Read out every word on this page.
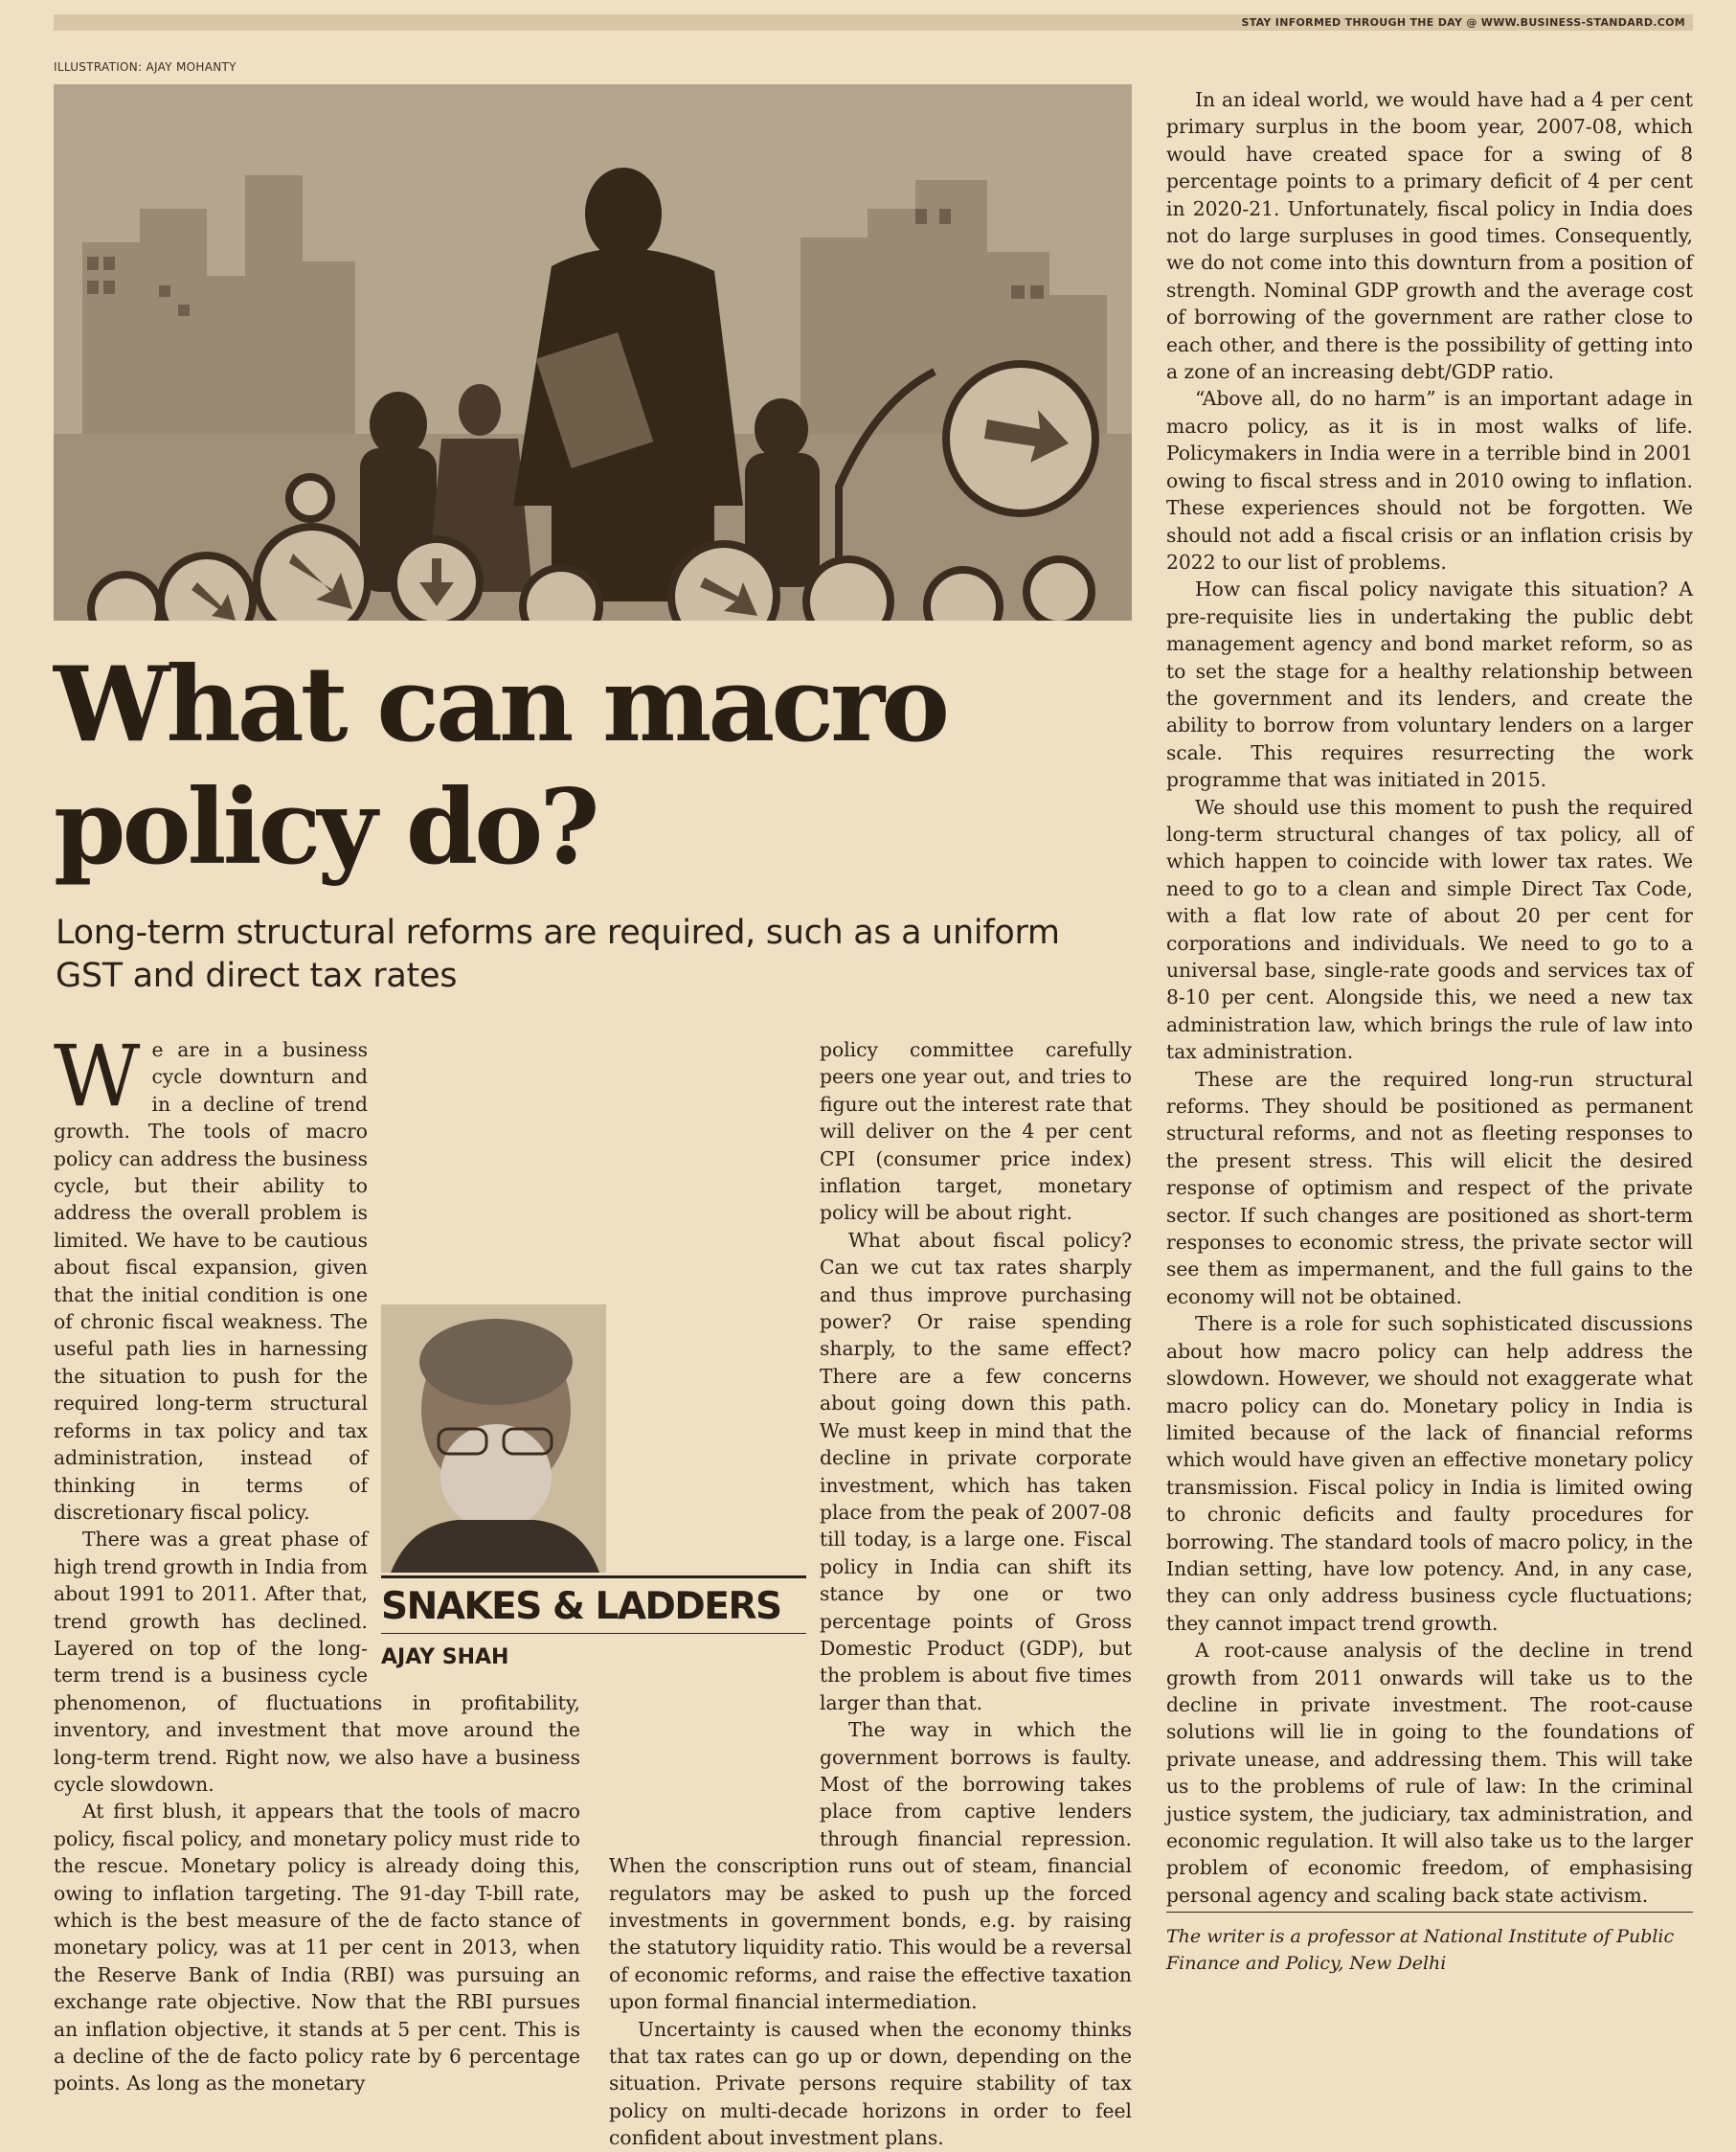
STAY INFORMED THROUGH THE DAY @ WWW.BUSINESS-STANDARD.COM
ILLUSTRATION: AJAY MOHANTY
What can macro policy do?

Long-term structural reforms are required, such as a uniform GST and direct tax rates

We are in a business cycle downturn and in a decline of trend growth. The tools of macro policy can address the business cycle, but their ability to address the overall problem is limited. We have to be cautious about fiscal expansion, given that the initial condition is one of chronic fiscal weakness. The useful path lies in harnessing the situation to push for the required long-term structural reforms in tax policy and tax administration, instead of thinking in terms of discretionary fiscal policy.

There was a great phase of high trend growth in India from about 1991 to 2011. After that, trend growth has declined. Layered on top of the long-term trend is a business cycle phenomenon, of fluctuations in profitability, inventory, and investment that move around the long-term trend. Right now, we also have a business cycle slowdown.

At first blush, it appears that the tools of macro policy, fiscal policy, and monetary policy must ride to the rescue. Monetary policy is already doing this, owing to inflation targeting. The 91-day T-bill rate, which is the best measure of the de facto stance of monetary policy, was at 11 per cent in 2013, when the Reserve Bank of India (RBI) was pursuing an exchange rate objective. Now that the RBI pursues an inflation objective, it stands at 5 per cent. This is a decline of the de facto policy rate by 6 percentage points. As long as the monetary

policy committee carefully peers one year out, and tries to figure out the interest rate that will deliver on the 4 per cent CPI (consumer price index) inflation target, monetary policy will be about right.

What about fiscal policy? Can we cut tax rates sharply and thus improve purchasing power? Or raise spending sharply, to the same effect? There are a few concerns about going down this path. We must keep in mind that the decline in private corporate investment, which has taken place from the peak of 2007-08 till today, is a large one. Fiscal policy in India can shift its stance by one or two percentage points of Gross Domestic Product (GDP), but the problem is about five times larger than that.

The way in which the government borrows is faulty. Most of the borrowing takes place from captive lenders through financial repression. When the conscription runs out of steam, financial regulators may be asked to push up the forced investments in government bonds, e.g. by raising the statutory liquidity ratio. This would be a reversal of economic reforms, and raise the effective taxation upon formal financial intermediation.

Uncertainty is caused when the economy thinks that tax rates can go up or down, depending on the situation. Private persons require stability of tax policy on multi-decade horizons in order to feel confident about investment plans.

SNAKES & LADDERS
AJAY SHAH

In an ideal world, we would have had a 4 per cent primary surplus in the boom year, 2007-08, which would have created space for a swing of 8 percentage points to a primary deficit of 4 per cent in 2020-21. Unfortunately, fiscal policy in India does not do large surpluses in good times. Consequently, we do not come into this downturn from a position of strength. Nominal GDP growth and the average cost of borrowing of the government are rather close to each other, and there is the possibility of getting into a zone of an increasing debt/GDP ratio.

“Above all, do no harm” is an important adage in macro policy, as it is in most walks of life. Policymakers in India were in a terrible bind in 2001 owing to fiscal stress and in 2010 owing to inflation. These experiences should not be forgotten. We should not add a fiscal crisis or an inflation crisis by 2022 to our list of problems.

How can fiscal policy navigate this situation? A pre-requisite lies in undertaking the public debt management agency and bond market reform, so as to set the stage for a healthy relationship between the government and its lenders, and create the ability to borrow from voluntary lenders on a larger scale. This requires resurrecting the work programme that was initiated in 2015.

We should use this moment to push the required long-term structural changes of tax policy, all of which happen to coincide with lower tax rates. We need to go to a clean and simple Direct Tax Code, with a flat low rate of about 20 per cent for corporations and individuals. We need to go to a universal base, single-rate goods and services tax of 8-10 per cent. Alongside this, we need a new tax administration law, which brings the rule of law into tax administration.

These are the required long-run structural reforms. They should be positioned as permanent structural reforms, and not as fleeting responses to the present stress. This will elicit the desired response of optimism and respect of the private sector. If such changes are positioned as short-term responses to economic stress, the private sector will see them as impermanent, and the full gains to the economy will not be obtained.

There is a role for such sophisticated discussions about how macro policy can help address the slowdown. However, we should not exaggerate what macro policy can do. Monetary policy in India is limited because of the lack of financial reforms which would have given an effective monetary policy transmission. Fiscal policy in India is limited owing to chronic deficits and faulty procedures for borrowing. The standard tools of macro policy, in the Indian setting, have low potency. And, in any case, they can only address business cycle fluctuations; they cannot impact trend growth.

A root-cause analysis of the decline in trend growth from 2011 onwards will take us to the decline in private investment. The root-cause solutions will lie in going to the foundations of private unease, and addressing them. This will take us to the problems of rule of law: In the criminal justice system, the judiciary, tax administration, and economic regulation. It will also take us to the larger problem of economic freedom, of emphasising personal agency and scaling back state activism.

The writer is a professor at National Institute of Public Finance and Policy, New Delhi
